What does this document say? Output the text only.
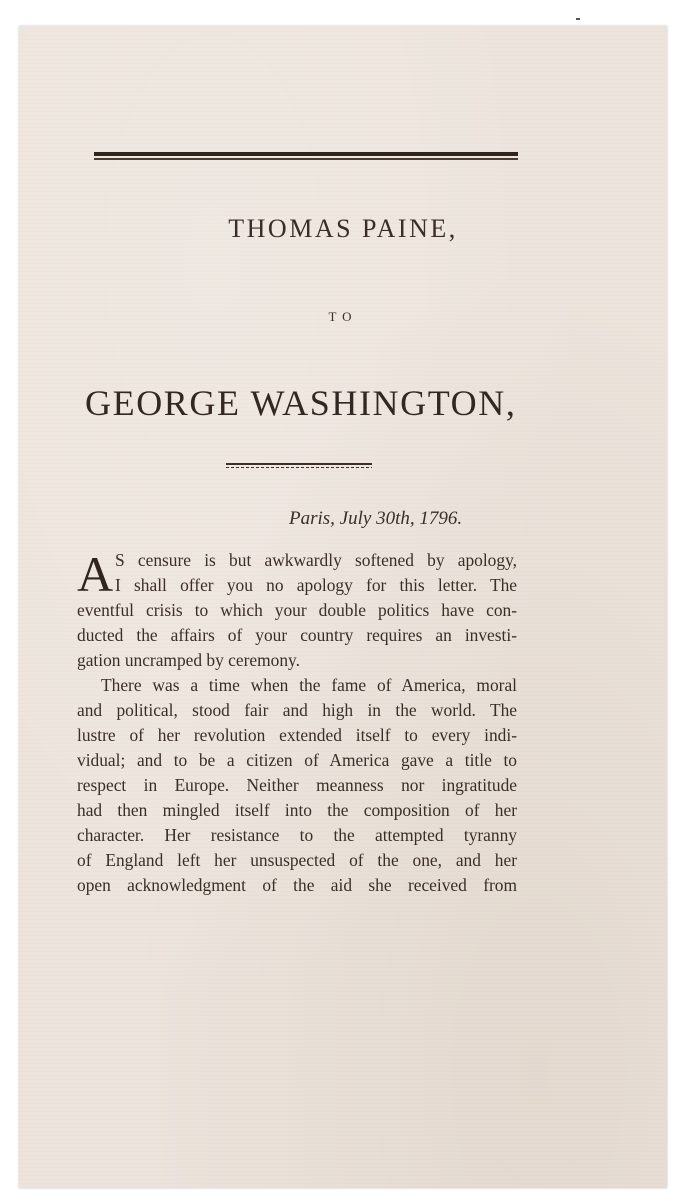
THOMAS PAINE,
TO
GEORGE WASHINGTON,
Paris, July 30th, 1796.
A S censure is but awkwardly softened by apology,
I shall offer you no apology for this letter. The
eventful crisis to which your double politics have con-
ducted the affairs of your country requires an investi-
gation uncramped by ceremony.
There was a time when the fame of America, moral
and political, stood fair and high in the world. The
lustre of her revolution extended itself to every indi-
vidual; and to be a citizen of America gave a title to
respect in Europe. Neither meanness nor ingratitude
had then mingled itself into the composition of her
character. Her resistance to the attempted tyranny
of England left her unsuspected of the one, and her
open acknowledgment of the aid she received from
